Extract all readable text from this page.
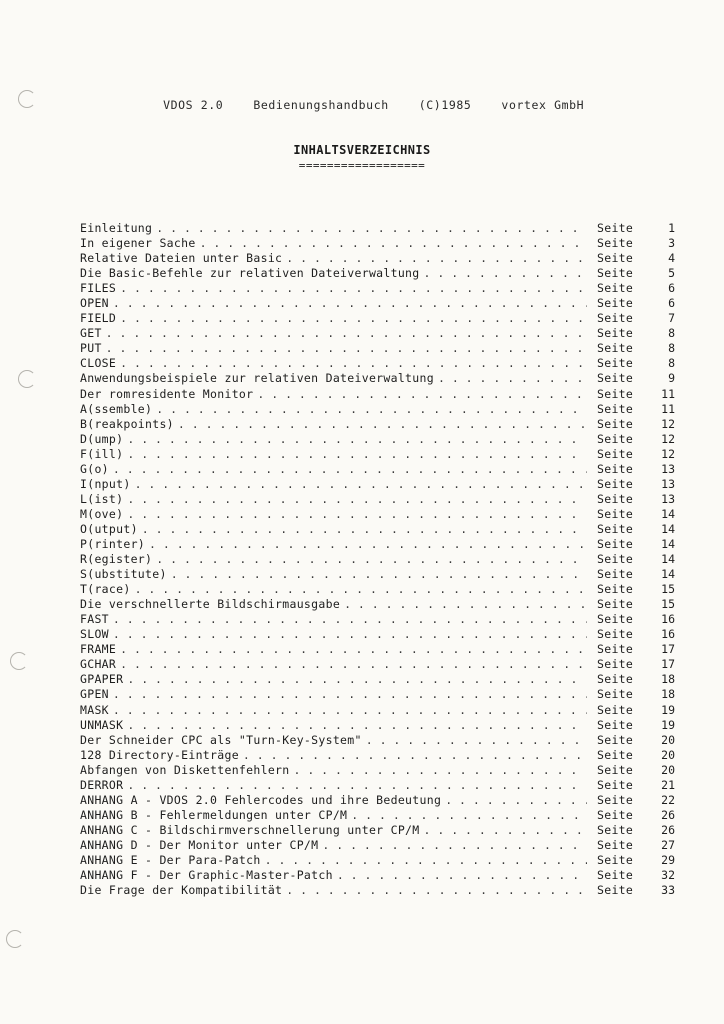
VDOS 2.0	Bedienungshandbuch	(C)1985	vortex GmbH

INHALTSVERZEICHNIS
==================
Einleitung . . .	Seite	1
In eigener Sache . . .	Seite	3
Relative Dateien unter Basic . . .	Seite	4
Die Basic-Befehle zur relativen Dateiverwaltung . . .	Seite	5
FILES . . .	Seite	6
OPEN . . .	Seite	6
FIELD . . .	Seite	7
GET . . .	Seite	8
PUT . . .	Seite	8
CLOSE . . .	Seite	8
Anwendungsbeispiele zur relativen Dateiverwaltung . . .	Seite	9
Der romresidente Monitor . . .	Seite	11
A(ssemble) . . .	Seite	11
B(reakpoints) . . .	Seite	12
D(ump) . . .	Seite	12
F(ill) . . .	Seite	12
G(o) . . .	Seite	13
I(nput) . . .	Seite	13
L(ist) . . .	Seite	13
M(ove) . . .	Seite	14
O(utput) . . .	Seite	14
P(rinter) . . .	Seite	14
R(egister) . . .	Seite	14
S(ubstitute) . . .	Seite	14
T(race) . . .	Seite	15
Die verschnellerte Bildschirmausgabe . . .	Seite	15
FAST . . .	Seite	16
SLOW . . .	Seite	16
FRAME . . .	Seite	17
GCHAR . . .	Seite	17
GPAPER . . .	Seite	18
GPEN . . .	Seite	18
MASK . . .	Seite	19
UNMASK . . .	Seite	19
Der Schneider CPC als "Turn-Key-System" . . .	Seite	20
128 Directory-Einträge . . .	Seite	20
Abfangen von Diskettenfehlern . . .	Seite	20
DERROR . . .	Seite	21
ANHANG A - VDOS 2.0 Fehlercodes und ihre Bedeutung . . .	Seite	22
ANHANG B - Fehlermeldungen unter CP/M . . .	Seite	26
ANHANG C - Bildschirmverschnellerung unter CP/M . . .	Seite	26
ANHANG D - Der Monitor unter CP/M . . .	Seite	27
ANHANG E - Der Para-Patch . . .	Seite	29
ANHANG F - Der Graphic-Master-Patch . . .	Seite	32
Die Frage der Kompatibilität . . .	Seite	33
